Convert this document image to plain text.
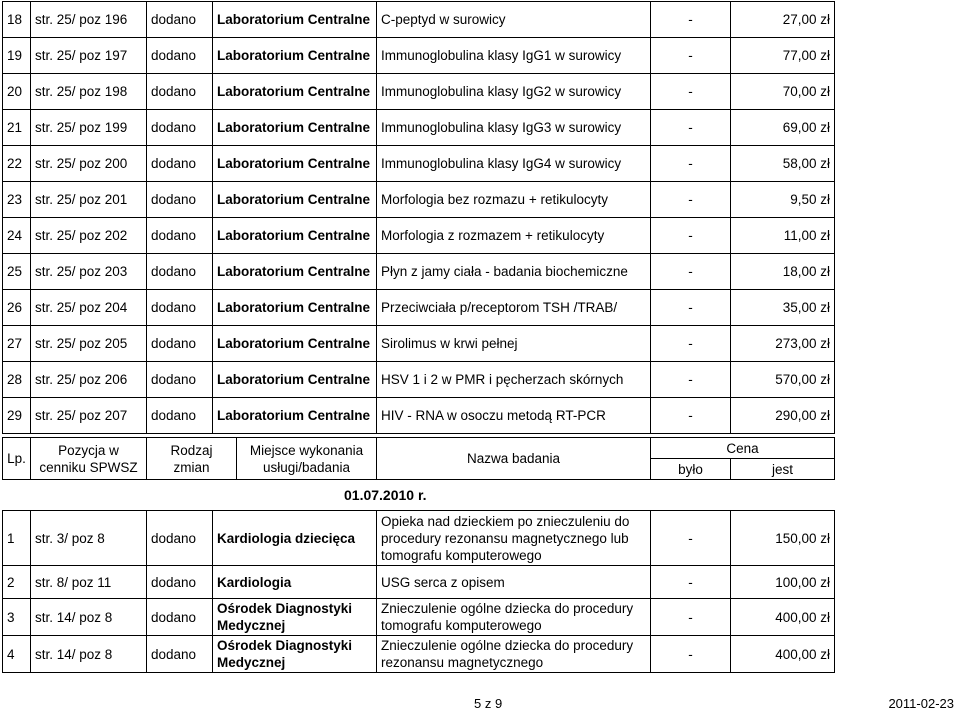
18	str. 25/ poz 196	dodano	Laboratorium Centralne	C-peptyd w surowicy	-	27,00 zł
19	str. 25/ poz 197	dodano	Laboratorium Centralne	Immunoglobulina klasy IgG1 w surowicy	-	77,00 zł
20	str. 25/ poz 198	dodano	Laboratorium Centralne	Immunoglobulina klasy IgG2 w surowicy	-	70,00 zł
21	str. 25/ poz 199	dodano	Laboratorium Centralne	Immunoglobulina klasy IgG3 w surowicy	-	69,00 zł
22	str. 25/ poz 200	dodano	Laboratorium Centralne	Immunoglobulina klasy IgG4 w surowicy	-	58,00 zł
23	str. 25/ poz 201	dodano	Laboratorium Centralne	Morfologia bez rozmazu + retikulocyty	-	9,50 zł
24	str. 25/ poz 202	dodano	Laboratorium Centralne	Morfologia z rozmazem + retikulocyty	-	11,00 zł
25	str. 25/ poz 203	dodano	Laboratorium Centralne	Płyn z jamy ciała - badania biochemiczne	-	18,00 zł
26	str. 25/ poz 204	dodano	Laboratorium Centralne	Przeciwciała p/receptorom TSH /TRAB/	-	35,00 zł
27	str. 25/ poz 205	dodano	Laboratorium Centralne	Sirolimus w krwi pełnej	-	273,00 zł
28	str. 25/ poz 206	dodano	Laboratorium Centralne	HSV 1 i 2 w PMR i pęcherzach skórnych	-	570,00 zł
29	str. 25/ poz 207	dodano	Laboratorium Centralne	HIV - RNA w osoczu metodą RT-PCR	-	290,00 zł
Lp.	Pozycja w cenniku SPWSZ	Rodzaj zmian	Miejsce wykonania usługi/badania	Nazwa badania	Cena	
					było	jest
01.07.2010 r.
1	str. 3/ poz 8	dodano	Kardiologia dziecięca	Opieka nad dzieckiem po znieczuleniu do procedury rezonansu magnetycznego lub tomografu komputerowego	-	150,00 zł
2	str. 8/ poz 11	dodano	Kardiologia	USG serca z opisem	-	100,00 zł
3	str. 14/ poz 8	dodano	Ośrodek Diagnostyki Medycznej	Znieczulenie ogólne dziecka do procedury tomografu komputerowego	-	400,00 zł
4	str. 14/ poz 8	dodano	Ośrodek Diagnostyki Medycznej	Znieczulenie ogólne dziecka do procedury rezonansu magnetycznego	-	400,00 zł
5 z 9	2011-02-23
